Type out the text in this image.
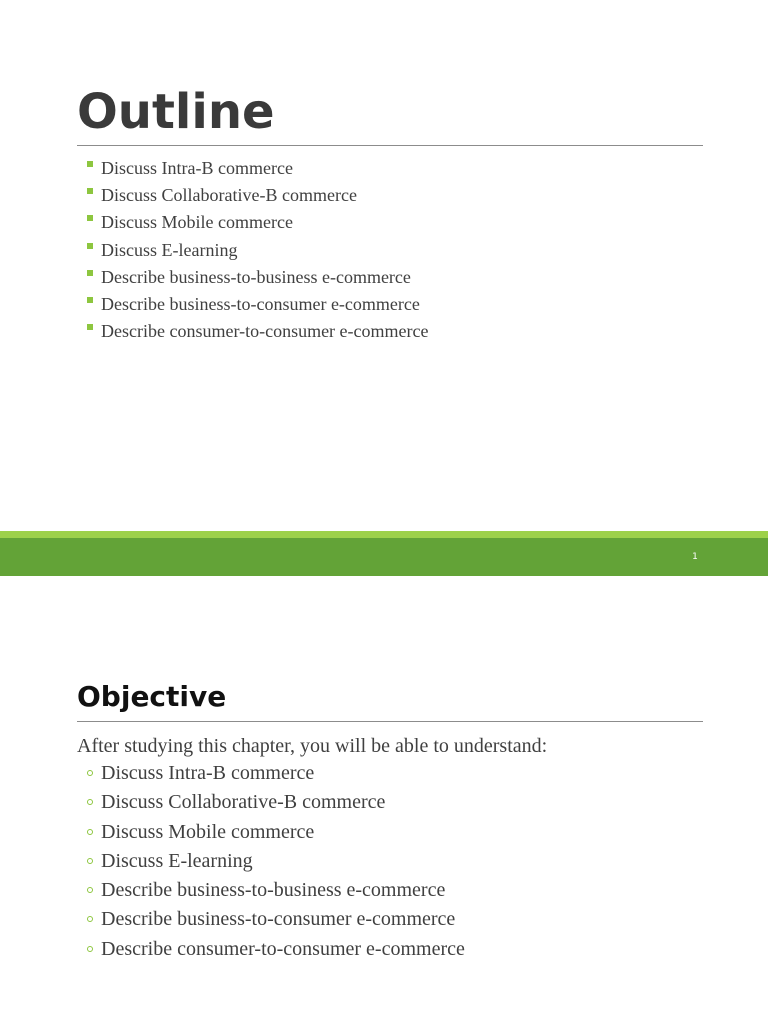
Outline
Discuss Intra-B commerce
Discuss Collaborative-B commerce
Discuss Mobile commerce
Discuss E-learning
Describe business-to-business e-commerce
Describe business-to-consumer e-commerce
Describe consumer-to-consumer e-commerce
1
Objective
After studying this chapter, you will be able to understand:
Discuss Intra-B commerce
Discuss Collaborative-B commerce
Discuss Mobile commerce
Discuss E-learning
Describe business-to-business e-commerce
Describe business-to-consumer e-commerce
Describe consumer-to-consumer e-commerce
